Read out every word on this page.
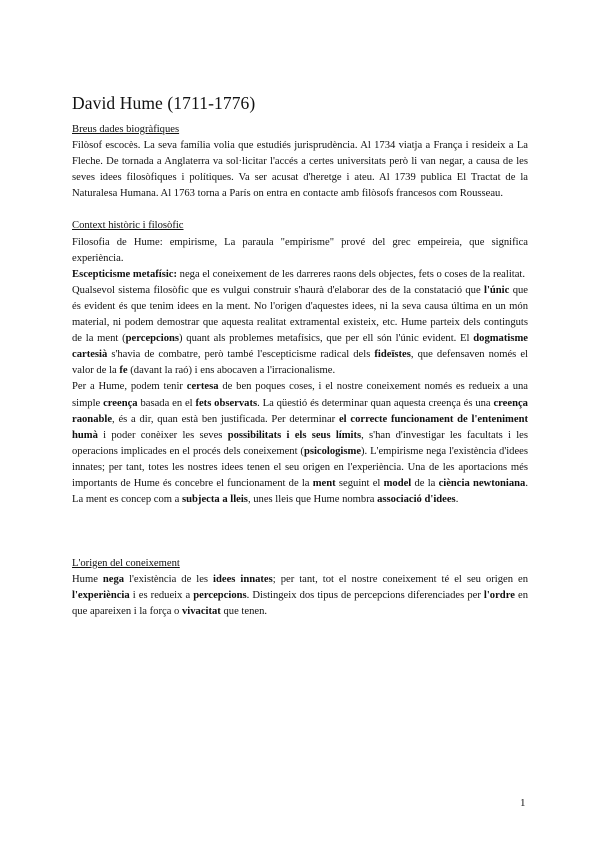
David Hume (1711-1776)
Breus dades biogràfiques

Filòsof escocès. La seva família volia que estudiés jurisprudència. Al 1734 viatja a França i resideix a La Fleche. De tornada a Anglaterra va sol·licitar l'accés a certes universitats però li van negar, a causa de les seves idees filosòfiques i polítiques. Va ser acusat d'heretge i ateu. Al 1739 publica El Tractat de la Naturalesa Humana. Al 1763 torna a París on entra en contacte amb filòsofs francesos com Rousseau.

Context històric i filosòfic

Filosofia de Hume: empirisme, La paraula "empirisme" prové del grec empeireia, que significa experiència.

Escepticisme metafísic: nega el coneixement de les darreres raons dels objectes, fets o coses de la realitat.

Qualsevol sistema filosòfic que es vulgui construir s'haurà d'elaborar des de la constatació que l'únic que és evident és que tenim idees en la ment. No l'origen d'aquestes idees, ni la seva causa última en un món material, ni podem demostrar que aquesta realitat extramental existeix, etc. Hume parteix dels continguts de la ment (percepcions) quant als problemes metafísics, que per ell són l'únic evident. El dogmatisme cartesià s'havia de combatre, però també l'escepticisme radical dels fideïstes, que defensaven només el valor de la fe (davant la raó) i ens abocaven a l'irracionalisme.

Per a Hume, podem tenir certesa de ben poques coses, i el nostre coneixement només es redueix a una simple creença basada en el fets observats. La qüestió és determinar quan aquesta creença és una creença raonable, és a dir, quan està ben justificada. Per determinar el correcte funcionament de l'enteniment humà i poder conèixer les seves possibilitats i els seus límits, s'han d'investigar les facultats i les operacions implicades en el procés dels coneixement (psicologisme). L'empirisme nega l'existència d'idees innates; per tant, totes les nostres idees tenen el seu origen en l'experiència. Una de les aportacions més importants de Hume és concebre el funcionament de la ment seguint el model de la ciència newtoniana. La ment es concep com a subjecta a lleis, unes lleis que Hume nombra associació d'idees.

L'origen del coneixement

Hume nega l'existència de les idees innates; per tant, tot el nostre coneixement té el seu origen en l'experiència i es redueix a percepcions. Distingeix dos tipus de percepcions diferenciades per l'ordre en que apareixen i la força o vivacitat que tenen.

1
